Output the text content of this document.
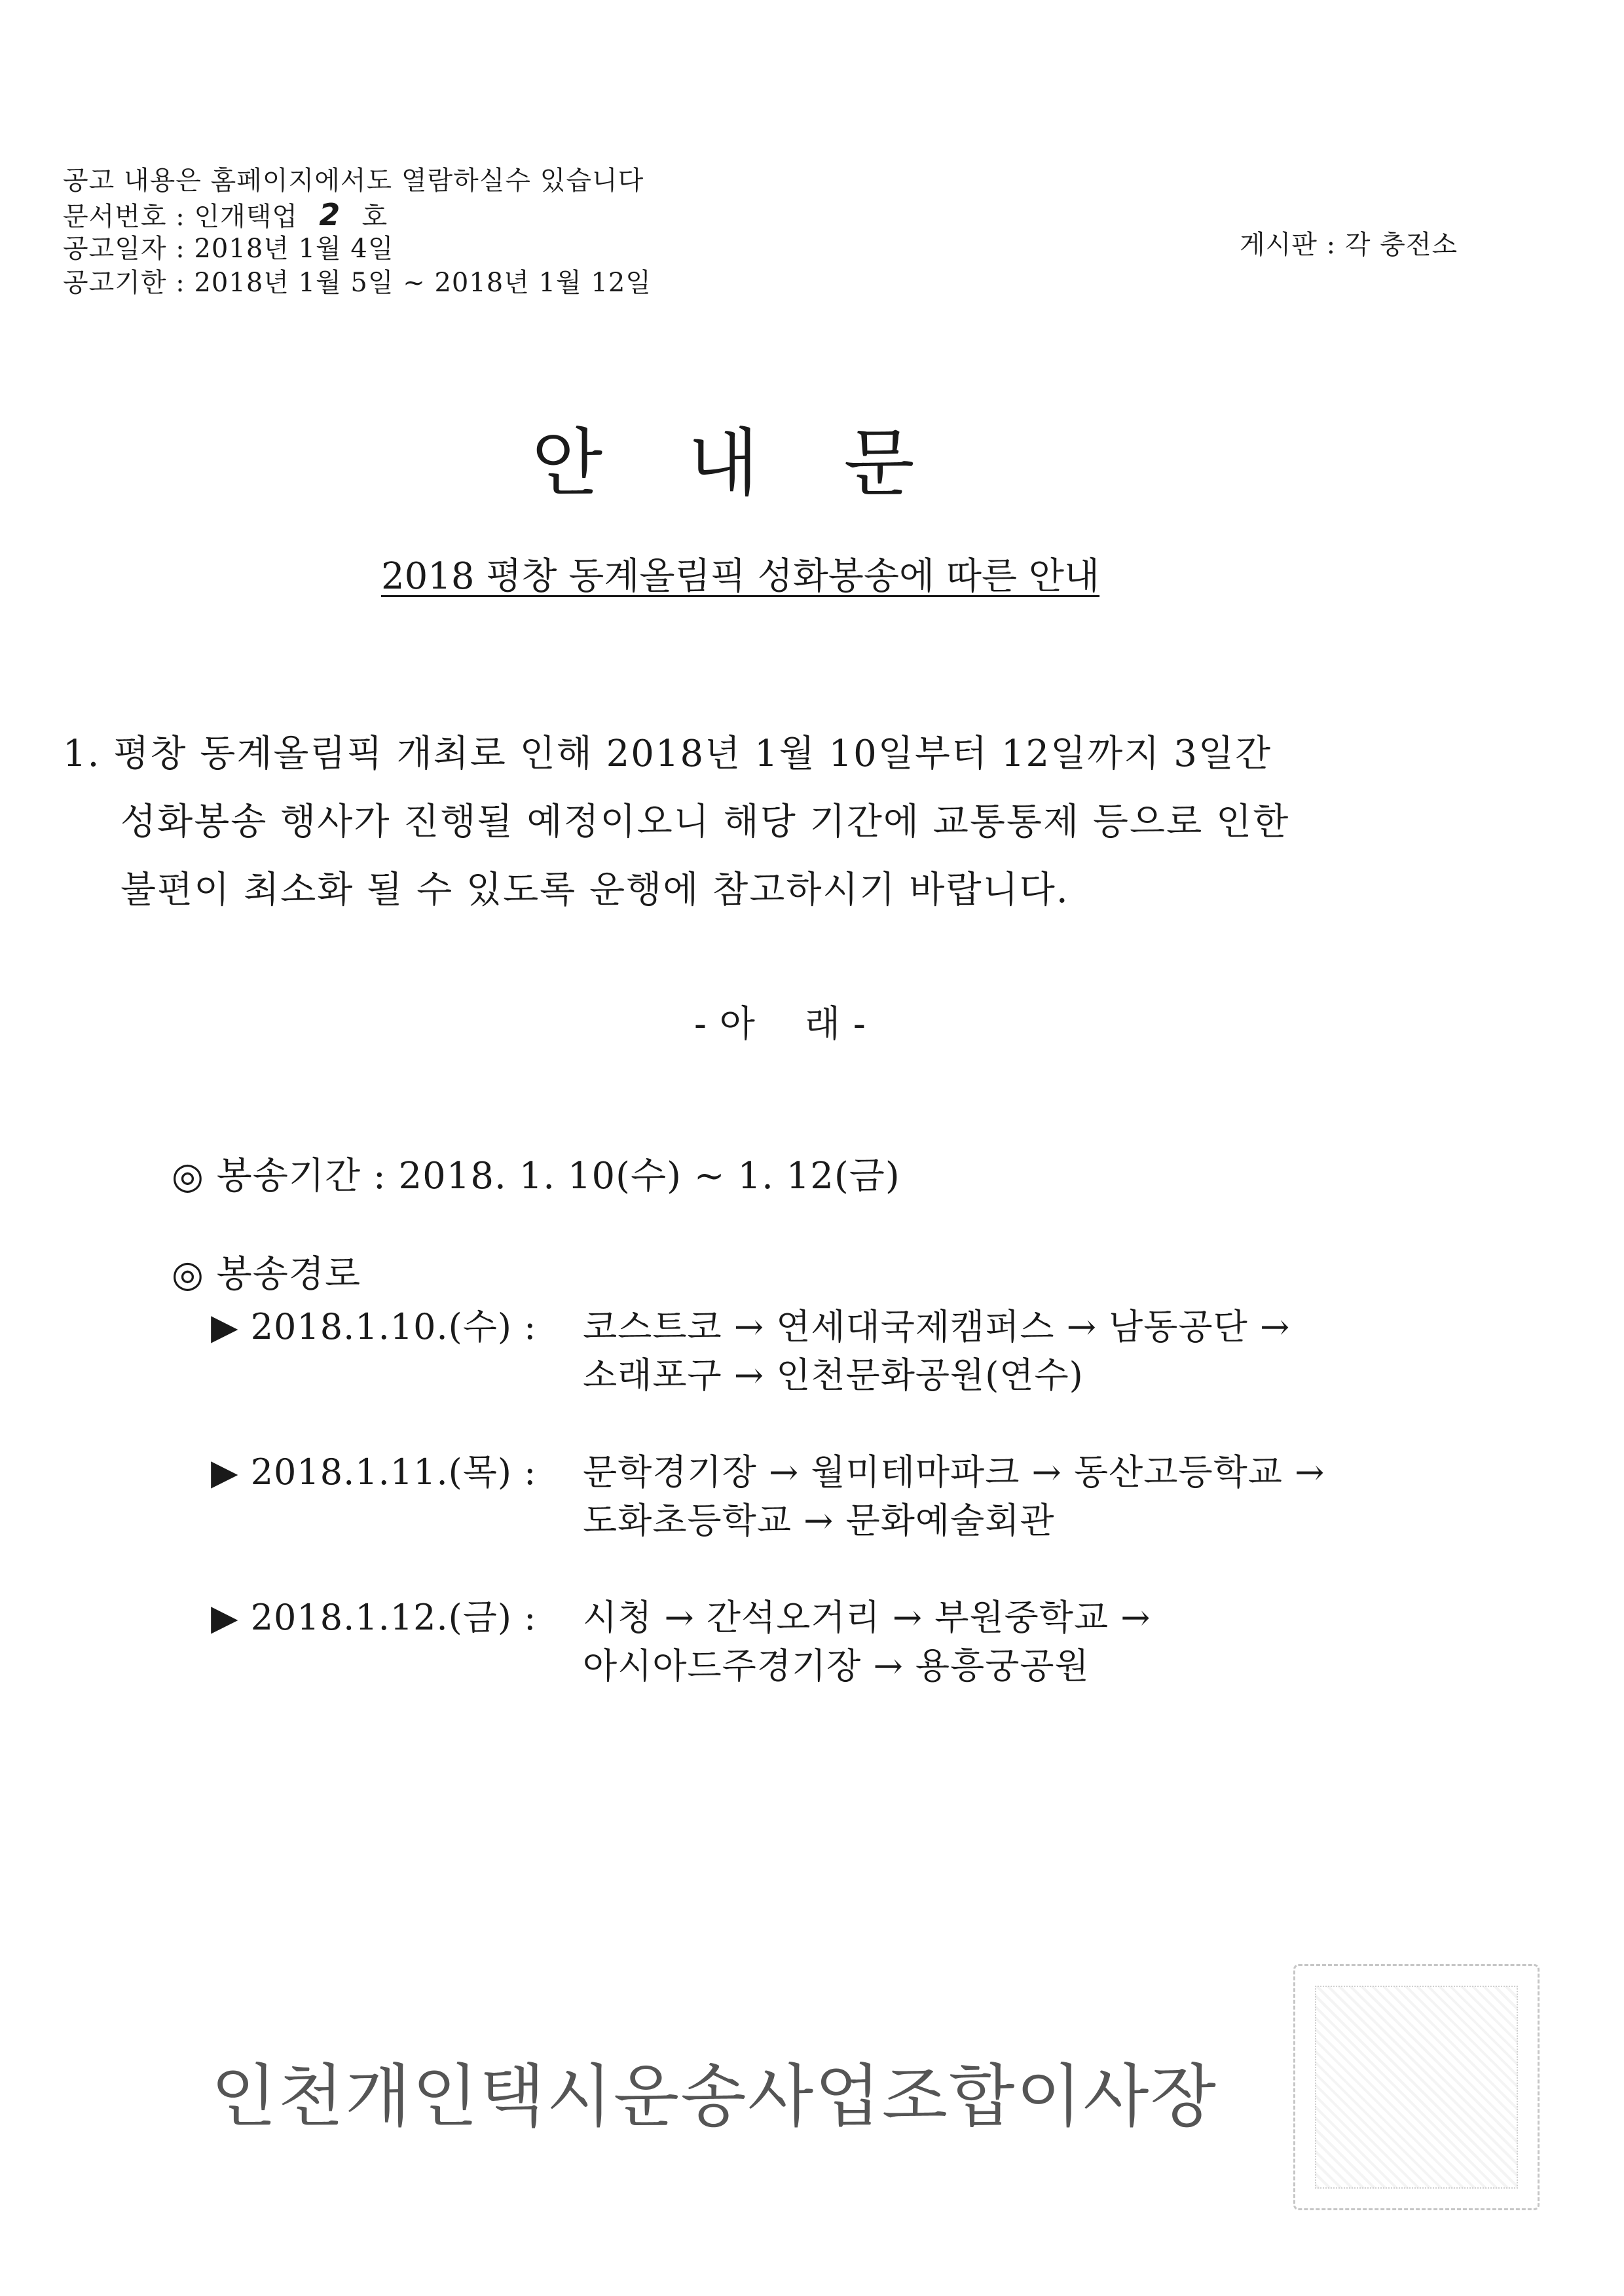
공고 내용은 홈페이지에서도 열람하실수 있습니다
문서번호 : 인개택업 2 호
공고일자 : 2018년 1월 4일
공고기한 : 2018년 1월 5일 ~ 2018년 1월 12일
게시판 : 각 충전소
안내문
2018 평창 동계올림픽 성화봉송에 따른 안내
1. 평창 동계올림픽 개최로 인해 2018년 1월 10일부터 12일까지 3일간
성화봉송 행사가 진행될 예정이오니 해당 기간에 교통통제 등으로 인한
불편이 최소화 될 수 있도록 운행에 참고하시기 바랍니다.
- 아    래 -
◎ 봉송기간 : 2018. 1. 10(수) ~ 1. 12(금)
◎ 봉송경로
▶ 2018.1.10.(수) : 코스트코 → 연세대국제캠퍼스 → 남동공단 →
소래포구 → 인천문화공원(연수)
▶ 2018.1.11.(목) : 문학경기장 → 월미테마파크 → 동산고등학교 →
도화초등학교 → 문화예술회관
▶ 2018.1.12.(금) : 시청 → 간석오거리 → 부원중학교 →
아시아드주경기장 → 용흥궁공원
인천개인택시운송사업조합이사장
